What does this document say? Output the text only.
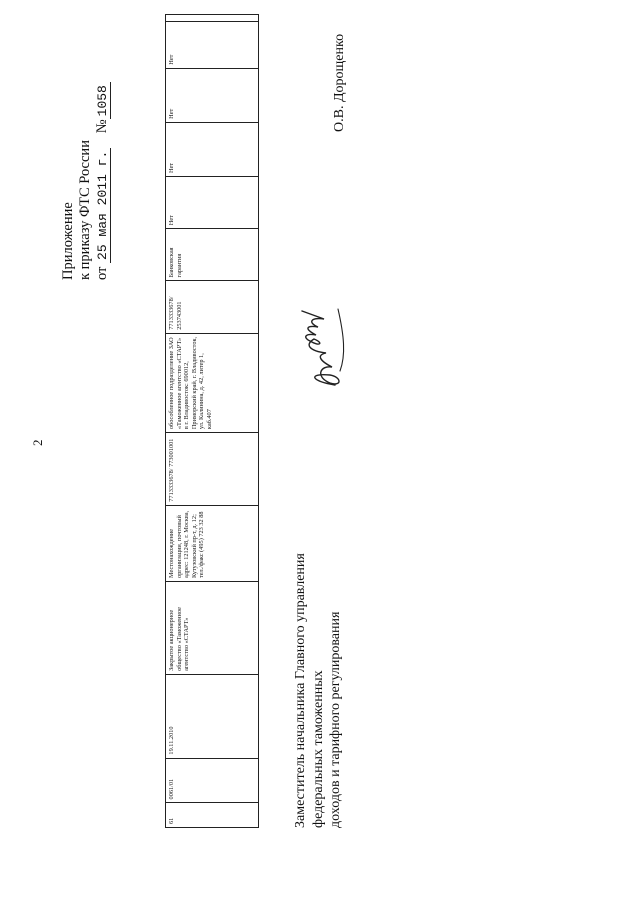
2
Приложение к приказу ФТС России от 25 мая 2011 г.    №1058
61
0061/01
19.11.2010
Закрытое акционерное общество «Таможенное агентство «СТАРТ»
Местонахождение организации, почтовый адрес: 121248, г. Москва, Кутузовский пр-т, д. 12; тел./факс (495) 723 32 88
7713333678/ 773001001
обособленное подразделение ЗАО «Таможенное агентство «СТАРТ» в г. Владивосток: 690012, Приморский край, г. Владивосток, ул. Калинина, д. 42, литер 1, каб.407
7713333678/ 253743001
Банковская гарантия
Нет
Нет
Нет
Нет
Заместитель начальника Главного управления федеральных таможенных доходов и тарифного регулирования
О.В. Дорощенко
